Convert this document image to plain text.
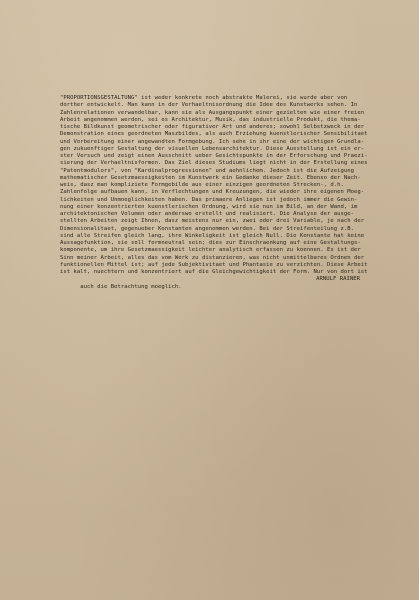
"PROPORTIONSGESTALTUNG" ist weder konkrete noch abstrakte Malerei, sie wurde aber von
dorther entwickelt. Man kann in der Verhaeltnisordnung die Idee des Kunstwerks sehen. In
Zahlenrelationen verwandelbar, kann sie als Ausgangspunkt einer gezielten wie einer freien
Arbeit angenommen werden, sei es Architektur, Musik, das industrielle Produkt, die thema-
tische Bildkunst geometrischer oder figurativer Art und anderes; sowohl Selbstzweck in der
Demonstration eines geordneten Maszbildes, als auch Erziehung kuenstlerischer Sensibilitaet
und Vorbereitung einer angewandten Formgebung. Ich sehe in ihr eine der wichtigen Grundla-
gen zukuenftiger Gestaltung der visuellen Lebensarchitektur. Diese Ausstellung ist ein er-
ster Versuch und zeigt einen Ausschnitt ueber Gesichtspunkte in der Erforschung und Praezi-
sierung der Verhaeltnisformen. Das Ziel dieses Studiums liegt nicht in der Erstellung eines
"Patentmodulors", von "Kardinalprogressionen" und aehnlichem. Jedoch ist die Aufzeigung
mathematischer Gesetzmaessigkeiten im Kunstwerk ein Gedanke dieser Zeit. Ebenso der Nach-
weis, dasz man kompliziete Formgebilde aus einer einzigen geordneten Strecken-, d.h.
Zahlenfolge aufbauen kann, in Verflechtungen und Kreuzungen, die wieder ihre eigenen Moeg-
lichkeiten und Unmoeglichkeiten haben. Das primaere Anliegen ist jedoch immer die Gewin-
nung einer konzentrierten kuenstlerischen Ordnung, wird sie nun im Bild, an der Wand, im
architektonischen Volumen oder anderswo erstellt und realisiert. Die Analyse der ausge-
stellten Arbeiten zeigt Ihnen, dasz meistens nur ein, zwei oder drei Variable, je nach der
Dimensionalitaet, gegenueber Konstanten angenommen werden. Bei der Streifenteilung z.B.
sind alle Streifen gleich lang, ihre Winkeligkeit ist gleich Null. Die Konstante hat keine
Aussagefunktion, sie soll formneutral sein; dies zur Einschraenkung auf eine Gestaltungs-
komponente, um ihre Gesetzmaessigkeit leichter analytisch erfassen zu koennen. Es ist der
Sinn meiner Arbeit, alles das vom Werk zu distanzieren, was nicht unmittelbares Ordnen der
funktionellen Mittel ist; auf jede Subjektivitaet und Phantasie zu verzichten. Diese Arbeit
ist kalt, nuechtern und konzentriert auf die Gleichgewichtigkeit der Form. Nur von dort ist

auch die Betrachtung moeglich.

ARNULF RAINER
